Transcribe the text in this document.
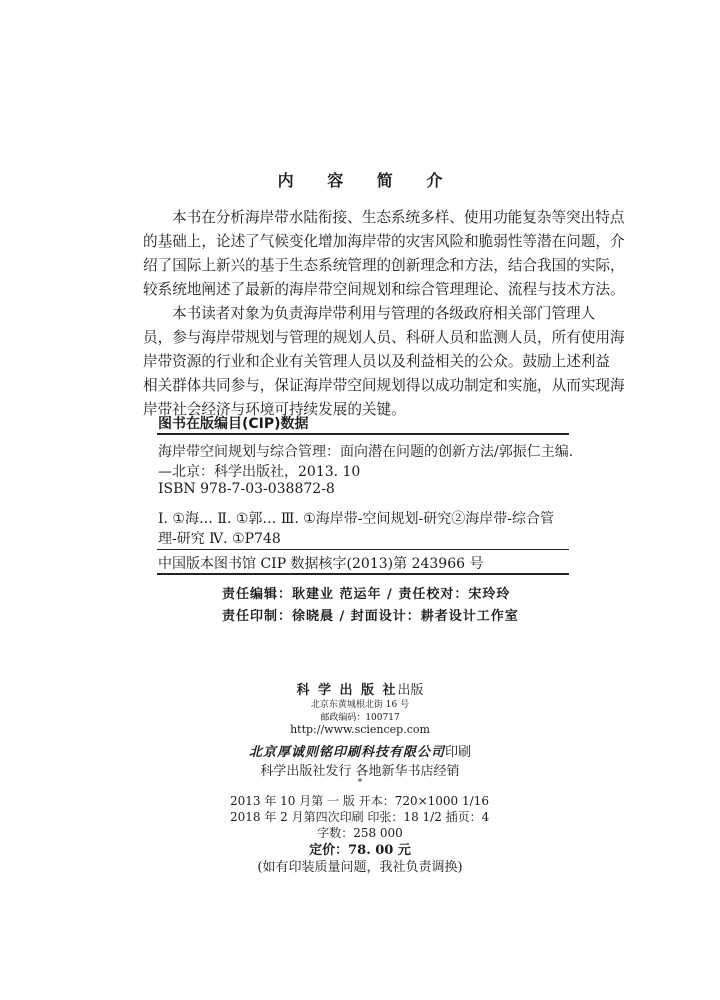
内 容 简 介
本书在分析海岸带水陆衔接、生态系统多样、使用功能复杂等突出特点
的基础上，论述了气候变化增加海岸带的灾害风险和脆弱性等潜在问题，介
绍了国际上新兴的基于生态系统管理的创新理念和方法，结合我国的实际，
较系统地阐述了最新的海岸带空间规划和综合管理理论、流程与技术方法。
本书读者对象为负责海岸带利用与管理的各级政府相关部门管理人
员，参与海岸带规划与管理的规划人员、科研人员和监测人员，所有使用海
岸带资源的行业和企业有关管理人员以及利益相关的公众。鼓励上述利益
相关群体共同参与，保证海岸带空间规划得以成功制定和实施，从而实现海
岸带社会经济与环境可持续发展的关键。
图书在版编目(CIP)数据
海岸带空间规划与综合管理：面向潜在问题的创新方法/郭振仁主编.
—北京：科学出版社，2013. 10
ISBN 978-7-03-038872-8
Ⅰ. ①海… Ⅱ. ①郭… Ⅲ. ①海岸带-空间规划-研究②海岸带-综合管
理-研究 Ⅳ. ①P748
中国版本图书馆 CIP 数据核字(2013)第 243966 号
责任编辑：耿建业 范运年 / 责任校对：宋玲玲
责任印制：徐晓晨 / 封面设计：耕者设计工作室
科 学 出 版 社出版
北京东黄城根北街 16 号
邮政编码：100717
http://www.sciencep.com
北京厚诚则铭印刷科技有限公司印刷
科学出版社发行 各地新华书店经销
*
2013 年 10 月第 一 版 开本：720×1000 1/16
2018 年 2 月第四次印刷 印张：18 1/2 插页：4
字数：258 000
定价：78. 00 元
(如有印装质量问题，我社负责调换)
